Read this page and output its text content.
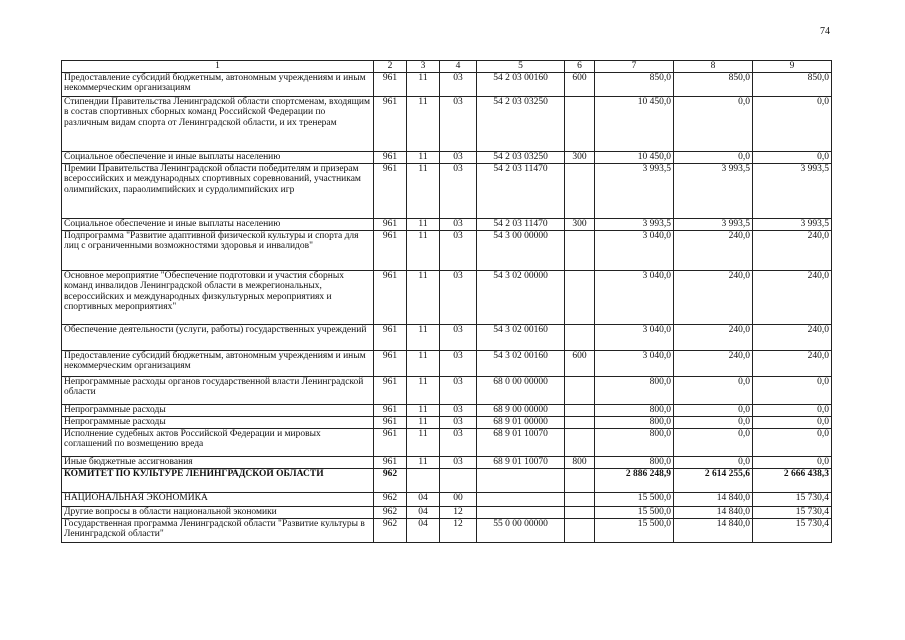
74
1	2	3	4	5	6	7	8	9
Предоставление субсидий бюджетным, автономным учреждениям и иным некоммерческим организациям	961	11	03	54 2 03 00160	600	850,0	850,0	850,0
Стипендии Правительства Ленинградской области спортсменам, входящим в состав спортивных сборных команд Российской Федерации по различным видам спорта от Ленинградской области, и их тренерам	961	11	03	54 2 03 03250		10 450,0	0,0	0,0
Социальное обеспечение и иные выплаты населению	961	11	03	54 2 03 03250	300	10 450,0	0,0	0,0
Премии Правительства Ленинградской области победителям и призерам всероссийских и международных спортивных соревнований, участникам олимпийских, параолимпийских и сурдолимпийских игр	961	11	03	54 2 03 11470		3 993,5	3 993,5	3 993,5
Социальное обеспечение и иные выплаты населению	961	11	03	54 2 03 11470	300	3 993,5	3 993,5	3 993,5
Подпрограмма "Развитие адаптивной физической культуры и спорта для лиц с ограниченными возможностями здоровья и инвалидов"	961	11	03	54 3 00 00000		3 040,0	240,0	240,0
Основное мероприятие "Обеспечение подготовки и участия сборных команд инвалидов Ленинградской области в межрегиональных, всероссийских и международных физкультурных мероприятиях и спортивных мероприятиях"	961	11	03	54 3 02 00000		3 040,0	240,0	240,0
Обеспечение деятельности (услуги, работы) государственных учреждений	961	11	03	54 3 02 00160		3 040,0	240,0	240,0
Предоставление субсидий бюджетным, автономным учреждениям и иным некоммерческим организациям	961	11	03	54 3 02 00160	600	3 040,0	240,0	240,0
Непрограммные расходы органов государственной власти Ленинградской области	961	11	03	68 0 00 00000		800,0	0,0	0,0
Непрограммные расходы	961	11	03	68 9 00 00000		800,0	0,0	0,0
Непрограммные расходы	961	11	03	68 9 01 00000		800,0	0,0	0,0
Исполнение судебных актов Российской Федерации и мировых соглашений по возмещению вреда	961	11	03	68 9 01 10070		800,0	0,0	0,0
Иные бюджетные ассигнования	961	11	03	68 9 01 10070	800	800,0	0,0	0,0
КОМИТЕТ ПО КУЛЬТУРЕ ЛЕНИНГРАДСКОЙ ОБЛАСТИ	962					2 886 248,9	2 614 255,6	2 666 438,3
НАЦИОНАЛЬНАЯ ЭКОНОМИКА	962	04	00			15 500,0	14 840,0	15 730,4
Другие вопросы в области национальной экономики	962	04	12			15 500,0	14 840,0	15 730,4
Государственная программа Ленинградской области "Развитие культуры в Ленинградской области"	962	04	12	55 0 00 00000		15 500,0	14 840,0	15 730,4
